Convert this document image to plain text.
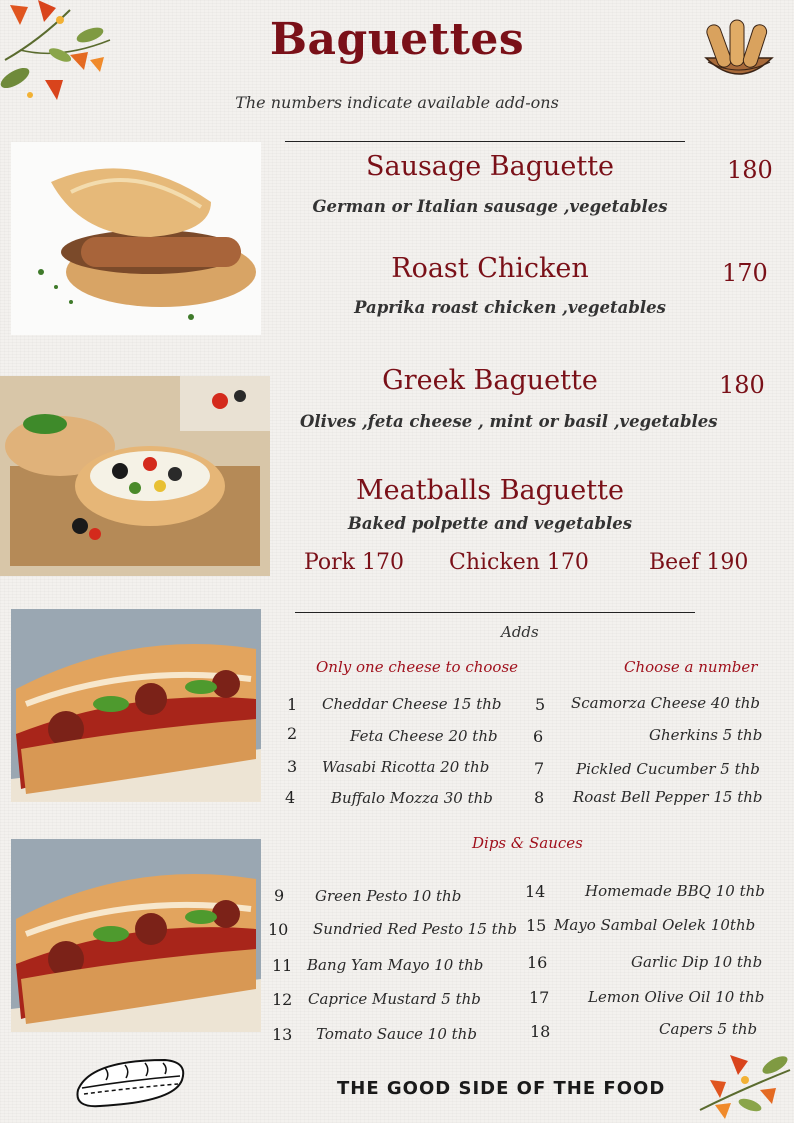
Baguettes
The numbers indicate available add-ons
Sausage Baguette	180
German or Italian sausage ,vegetables
Roast Chicken	170
Paprika roast chicken ,vegetables
Greek Baguette	180
Olives ,feta cheese , mint or basil ,vegetables
Meatballs Baguette
Baked polpette and vegetables
Pork 170 Chicken 170	Beef 190
Adds
Only one cheese to choose	Choose a number
1 Cheddar Cheese 15 thb
2	Feta Cheese 20 thb
3 Wasabi Ricotta 20 thb
4 Buffalo Mozza 30 thb
5 Scamorza Cheese 40 thb
6	Gherkins 5 thb
7 Pickled Cucumber 5 thb
8 Roast Bell Pepper 15 thb
Dips & Sauces
9 Green Pesto 10 thb
10 Sundried Red Pesto 15 thb
11 Bang Yam Mayo 10 thb
12 Caprice Mustard 5 thb
13 Tomato Sauce 10 thb
14	Homemade BBQ 10 thb
15 Mayo Sambal Oelek 10thb
16	Garlic Dip 10 thb
17	Lemon Olive Oil 10 thb
18	Capers 5 thb
THE GOOD SIDE OF THE FOOD
